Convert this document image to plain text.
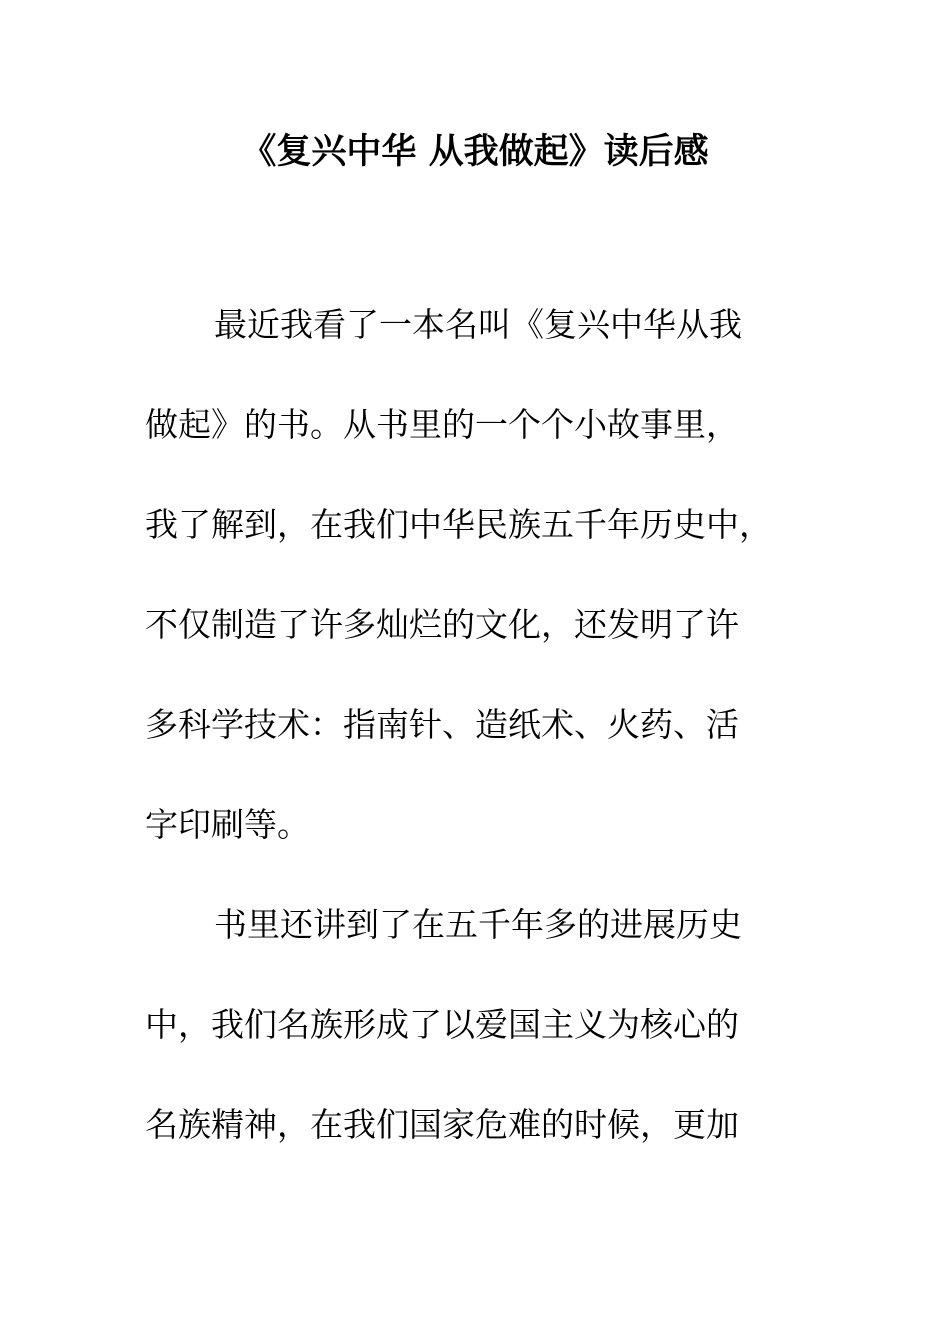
《复兴中华 从我做起》读后感
最近我看了一本名叫《复兴中华从我
做起》的书。从书里的一个个小故事里，
我了解到，在我们中华民族五千年历史中，
不仅制造了许多灿烂的文化，还发明了许
多科学技术：指南针、造纸术、火药、活
字印刷等。
书里还讲到了在五千年多的进展历史
中，我们名族形成了以爱国主义为核心的
名族精神，在我们国家危难的时候，更加
